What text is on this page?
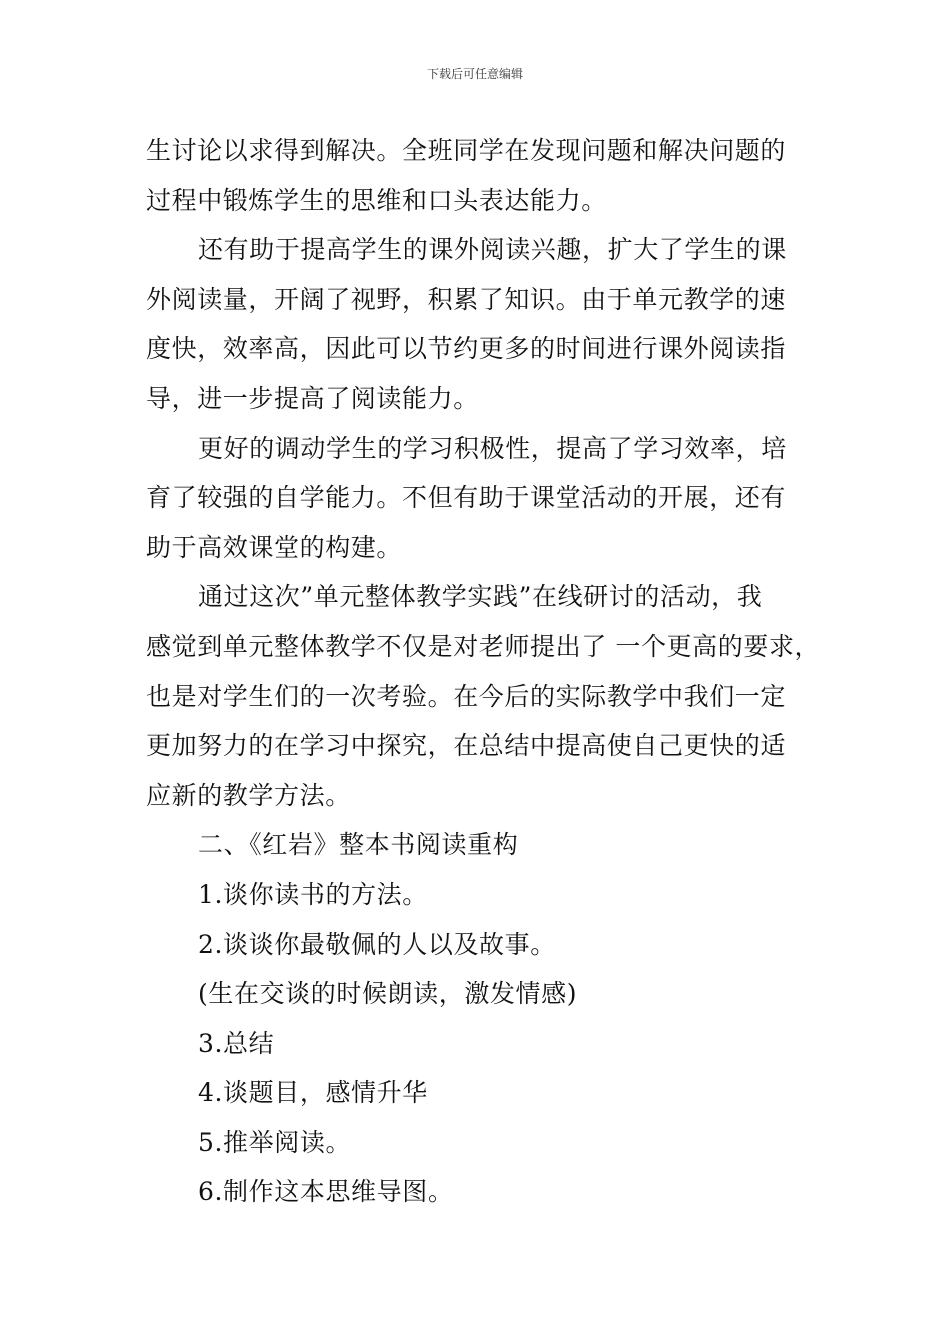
下载后可任意编辑
生讨论以求得到解决。全班同学在发现问题和解决问题的
过程中锻炼学生的思维和口头表达能力。
还有助于提高学生的课外阅读兴趣，扩大了学生的课
外阅读量，开阔了视野，积累了知识。由于单元教学的速
度快，效率高，因此可以节约更多的时间进行课外阅读指
导，进一步提高了阅读能力。
更好的调动学生的学习积极性，提高了学习效率，培
育了较强的自学能力。不但有助于课堂活动的开展，还有
助于高效课堂的构建。
通过这次”单元整体教学实践”在线研讨的活动，我
感觉到单元整体教学不仅是对老师提出了 一个更高的要求，
也是对学生们的一次考验。在今后的实际教学中我们一定
更加努力的在学习中探究，在总结中提高使自己更快的适
应新的教学方法。
二、《红岩》整本书阅读重构
1.谈你读书的方法。
2.谈谈你最敬佩的人以及故事。
(生在交谈的时候朗读，激发情感)
3.总结
4.谈题目，感情升华
5.推举阅读。
6.制作这本思维导图。
